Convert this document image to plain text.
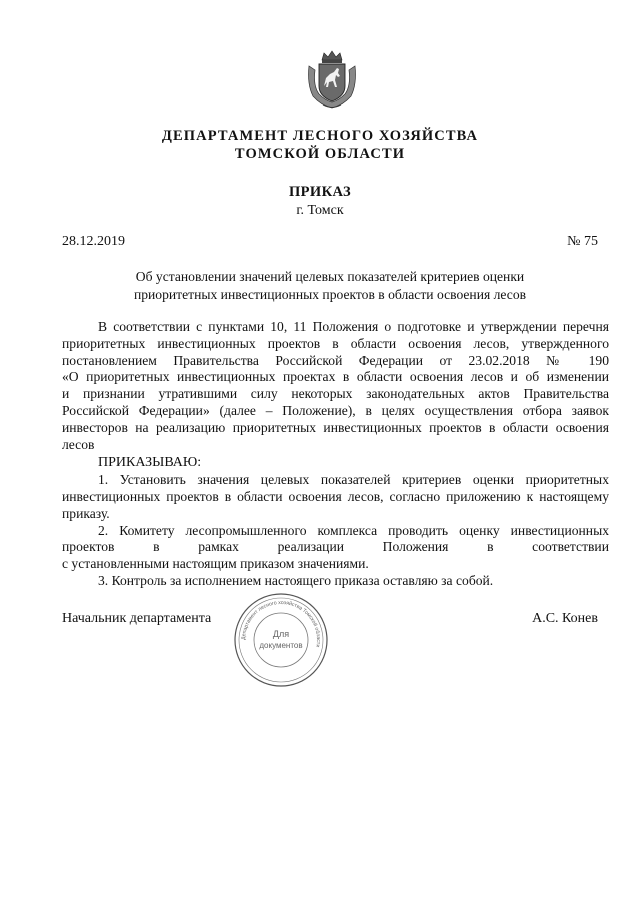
ДЕПАРТАМЕНТ ЛЕСНОГО ХОЗЯЙСТВА
ТОМСКОЙ ОБЛАСТИ
ПРИКАЗ
г. Томск
28.12.2019	№ 75
Об установлении значений целевых показателей критериев оценки
приоритетных инвестиционных проектов в области освоения лесов

В соответствии с пунктами 10, 11 Положения о подготовке и утверждении перечня

приоритетных инвестиционных проектов в области освоения лесов, утвержденного

постановлением Правительства Российской Федерации от 23.02.2018 № 190

«О приоритетных инвестиционных проектах в области освоения лесов и об изменении

и признании утратившими силу некоторых законодательных актов Правительства

Российской Федерации» (далее – Положение), в целях осуществления отбора заявок

инвесторов на реализацию приоритетных инвестиционных проектов в области освоения

лесов

ПРИКАЗЫВАЮ:

1. Установить значения целевых показателей критериев оценки приоритетных

инвестиционных проектов в области освоения лесов, согласно приложению к настоящему

приказу.

2. Комитету лесопромышленного комплекса проводить оценку инвестиционных

проектов в рамках реализации Положения в соответствии

с установленными настоящим приказом значениями.

3. Контроль за исполнением настоящего приказа оставляю за собой.

Начальник департамента	А.С. Конев
Департамент лесного хозяйства Томской области
Для
документов
